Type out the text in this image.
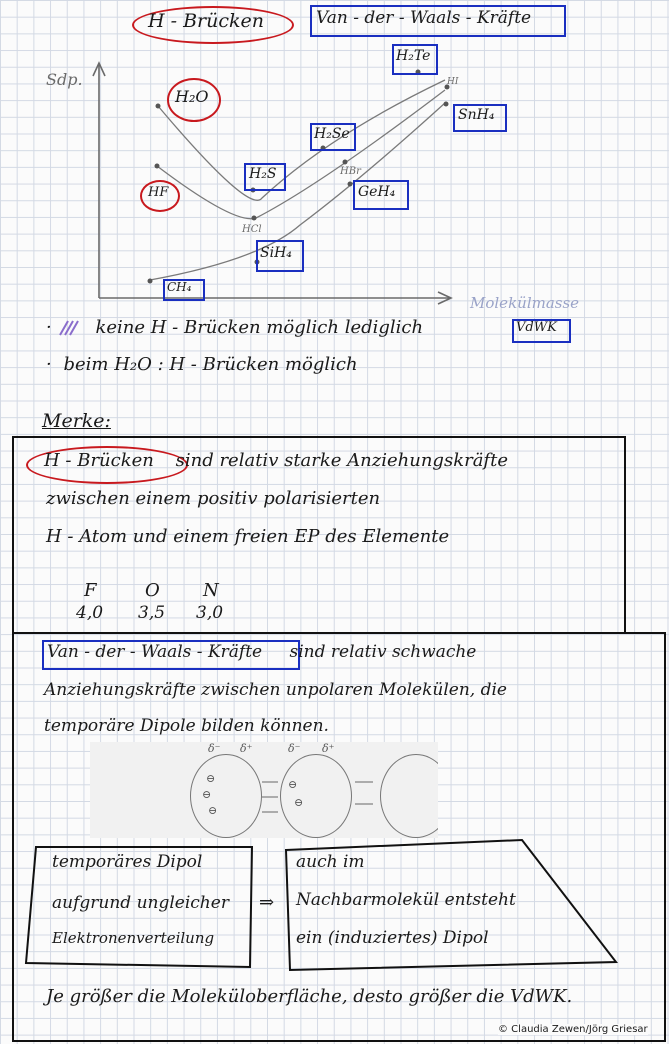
H - Brücken	Van - der - Waals - Kräfte
Sdp.
Molekülmasse
H₂O
HF
H₂S
H₂Se
H₂Te
SnH₄
GeH₄
SiH₄
CH₄
HCl
HBr
HI
· keine H - Brücken möglich lediglich	VdWK
· beim H₂O : H - Brücken möglich
Merke:
H - Brücken sind relativ starke Anziehungskräfte
zwischen einem positiv polarisierten
H - Atom und einem freien EP des Elemente
F	O N
4,0 3,5 3,0
Van - der - Waals - Kräfte sind relativ schwache
Anziehungskräfte zwischen unpolaren Molekülen, die
temporäre Dipole bilden können.
δ⁻ δ⁺	δ⁻ δ⁺
⊖
⊖
⊖
⊖
⊖
temporäres Dipol
aufgrund ungleicher
Elektronenverteilung
⇒
auch im
Nachbarmolekül entsteht
ein (induziertes) Dipol
Je größer die Moleküloberfläche, desto größer die VdWK.
© Claudia Zewen/Jörg Griesar
